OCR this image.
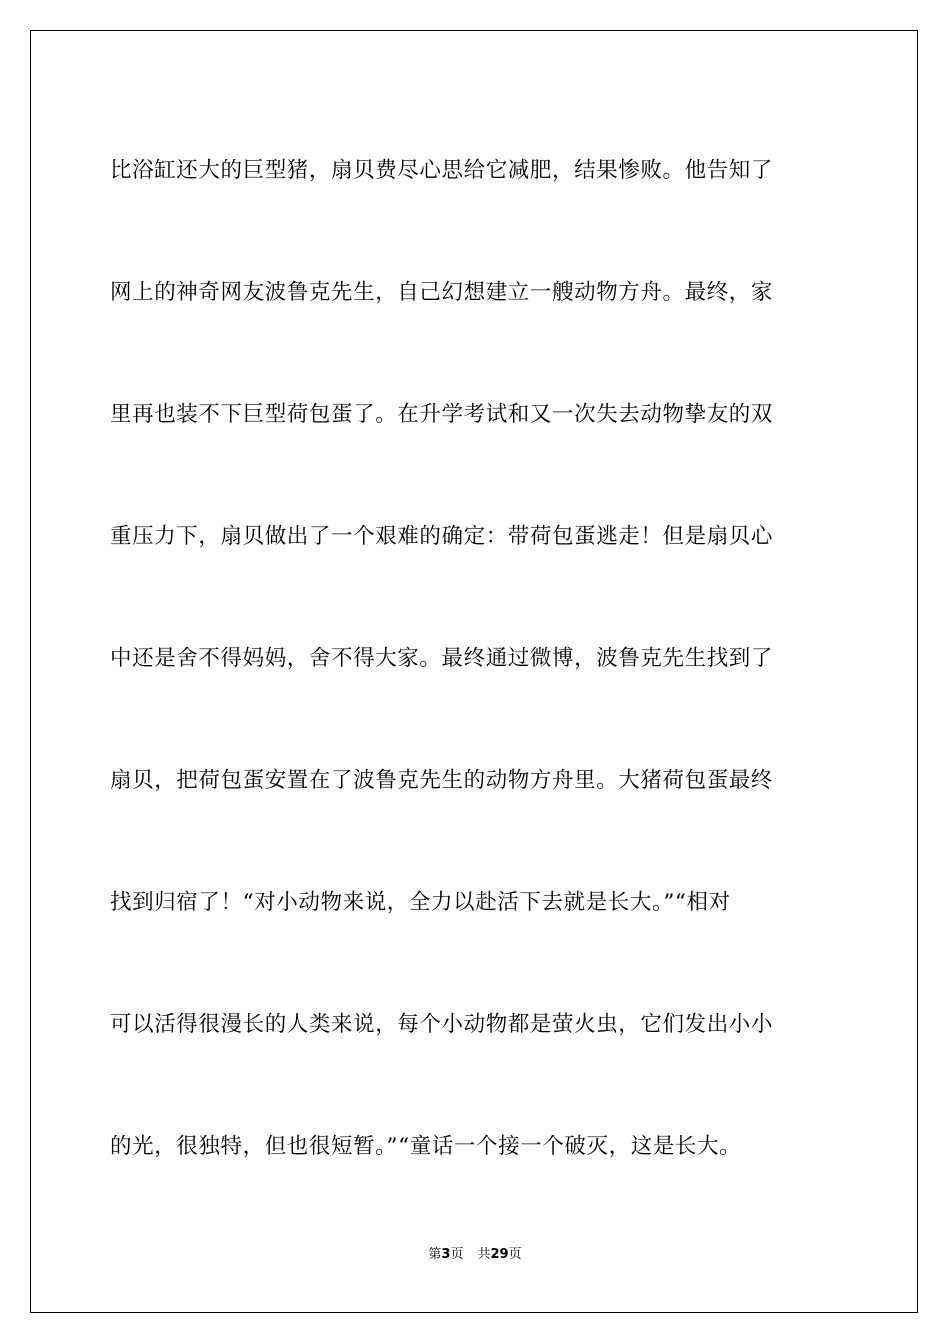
比浴缸还大的巨型猪，扇贝费尽心思给它减肥，结果惨败。他告知了
网上的神奇网友波鲁克先生，自己幻想建立一艘动物方舟。最终，家
里再也装不下巨型荷包蛋了。在升学考试和又一次失去动物挚友的双
重压力下，扇贝做出了一个艰难的确定：带荷包蛋逃走！但是扇贝心
中还是舍不得妈妈，舍不得大家。最终通过微博，波鲁克先生找到了
扇贝，把荷包蛋安置在了波鲁克先生的动物方舟里。大猪荷包蛋最终
找到归宿了！“对小动物来说，全力以赴活下去就是长大。”“相对
可以活得很漫长的人类来说，每个小动物都是萤火虫，它们发出小小
的光，很独特，但也很短暂。”“童话一个接一个破灭，这是长大。
第3页 共29页
